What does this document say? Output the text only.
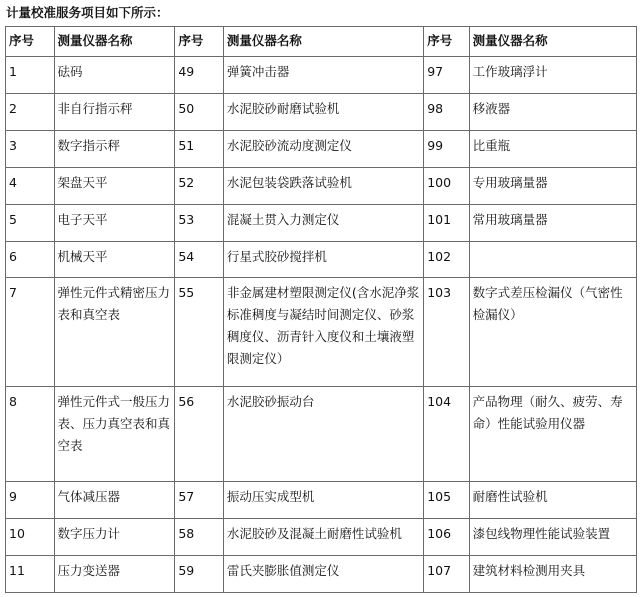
计量校准服务项目如下所示：
序号	测量仪器名称	序号	测量仪器名称	序号	测量仪器名称
1	砝码	49	弹簧冲击器	97	工作玻璃浮计
2	非自行指示秤	50	水泥胶砂耐磨试验机	98	移液器
3	数字指示秤	51	水泥胶砂流动度测定仪	99	比重瓶
4	架盘天平	52	水泥包装袋跌落试验机	100	专用玻璃量器
5	电子天平	53	混凝土贯入力测定仪	101	常用玻璃量器
6	机械天平	54	行星式胶砂搅拌机	102	
7	弹性元件式精密压力表和真空表	55	非金属建材塑限测定仪(含水泥净浆标准稠度与凝结时间测定仪、砂浆稠度仪、沥青针入度仪和土壤液塑限测定仪）	103	数字式差压检漏仪（气密性检漏仪）
8	弹性元件式一般压力表、压力真空表和真空表	56	水泥胶砂振动台	104	产品物理（耐久、疲劳、寿命）性能试验用仪器
9	气体减压器	57	振动压实成型机	105	耐磨性试验机
10	数字压力计	58	水泥胶砂及混凝土耐磨性试验机	106	漆包线物理性能试验装置
11	压力变送器	59	雷氏夹膨胀值测定仪	107	建筑材料检测用夹具
